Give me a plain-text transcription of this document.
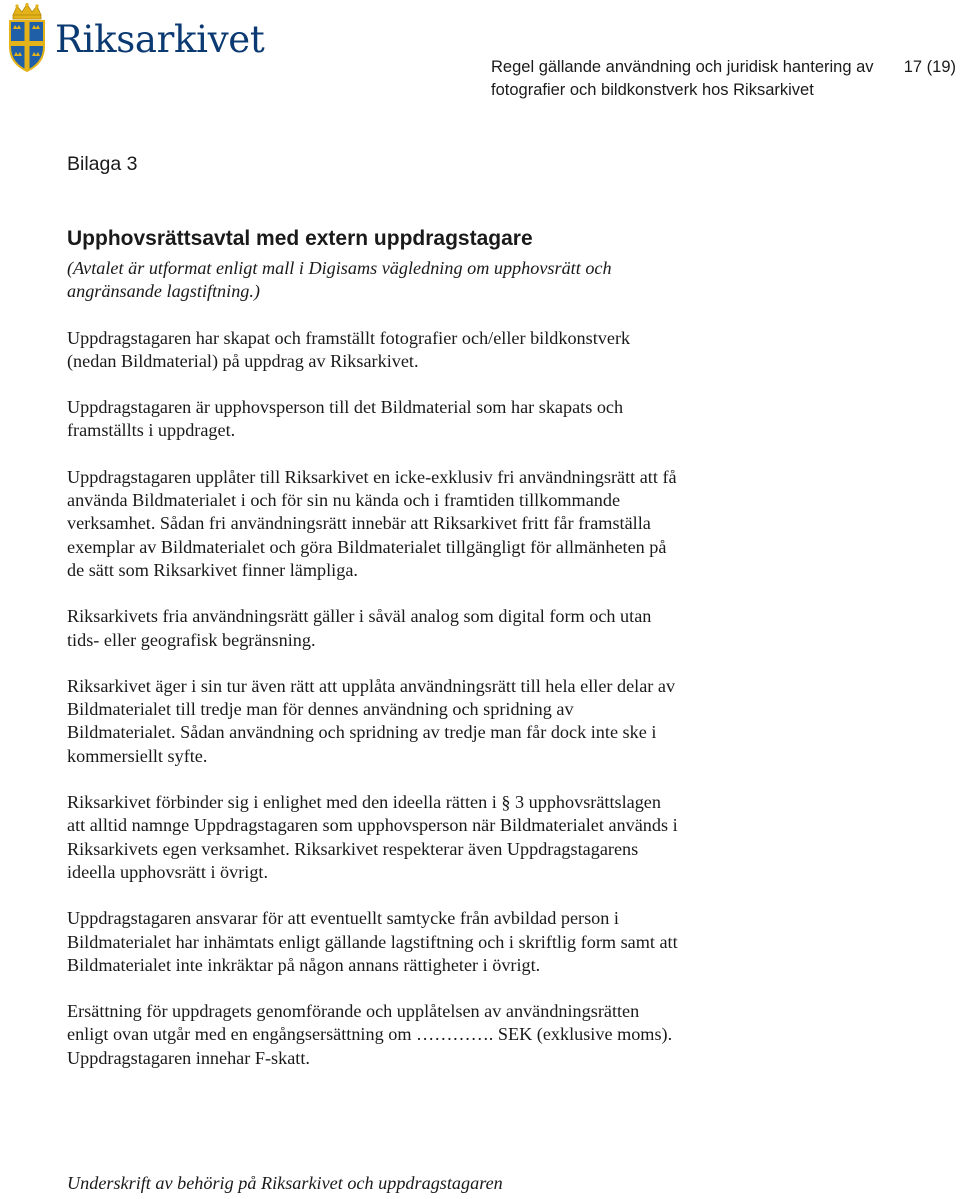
Riksarkivet
Regel gällande användning och juridisk hantering av
fotografier och bildkonstverk hos Riksarkivet
17 (19)
Bilaga 3
Upphovsrättsavtal med extern uppdragstagare

(Avtalet är utformat enligt mall i Digisams vägledning om upphovsrätt och
angränsande lagstiftning.)

Uppdragstagaren har skapat och framställt fotografier och/eller bildkonstverk
(nedan Bildmaterial) på uppdrag av Riksarkivet.

Uppdragstagaren är upphovsperson till det Bildmaterial som har skapats och
framställts i uppdraget.

Uppdragstagaren upplåter till Riksarkivet en icke-exklusiv fri användningsrätt att få
använda Bildmaterialet i och för sin nu kända och i framtiden tillkommande
verksamhet. Sådan fri användningsrätt innebär att Riksarkivet fritt får framställa
exemplar av Bildmaterialet och göra Bildmaterialet tillgängligt för allmänheten på
de sätt som Riksarkivet finner lämpliga.

Riksarkivets fria användningsrätt gäller i såväl analog som digital form och utan
tids- eller geografisk begränsning.

Riksarkivet äger i sin tur även rätt att upplåta användningsrätt till hela eller delar av
Bildmaterialet till tredje man för dennes användning och spridning av
Bildmaterialet. Sådan användning och spridning av tredje man får dock inte ske i
kommersiellt syfte.

Riksarkivet förbinder sig i enlighet med den ideella rätten i § 3 upphovsrättslagen
att alltid namnge Uppdragstagaren som upphovsperson när Bildmaterialet används i
Riksarkivets egen verksamhet. Riksarkivet respekterar även Uppdragstagarens
ideella upphovsrätt i övrigt.

Uppdragstagaren ansvarar för att eventuellt samtycke från avbildad person i
Bildmaterialet har inhämtats enligt gällande lagstiftning och i skriftlig form samt att
Bildmaterialet inte inkräktar på någon annans rättigheter i övrigt.

Ersättning för uppdragets genomförande och upplåtelsen av användningsrätten
enligt ovan utgår med en engångsersättning om …………. SEK (exklusive moms).
Uppdragstagaren innehar F-skatt.

Underskrift av behörig på Riksarkivet och uppdragstagaren
